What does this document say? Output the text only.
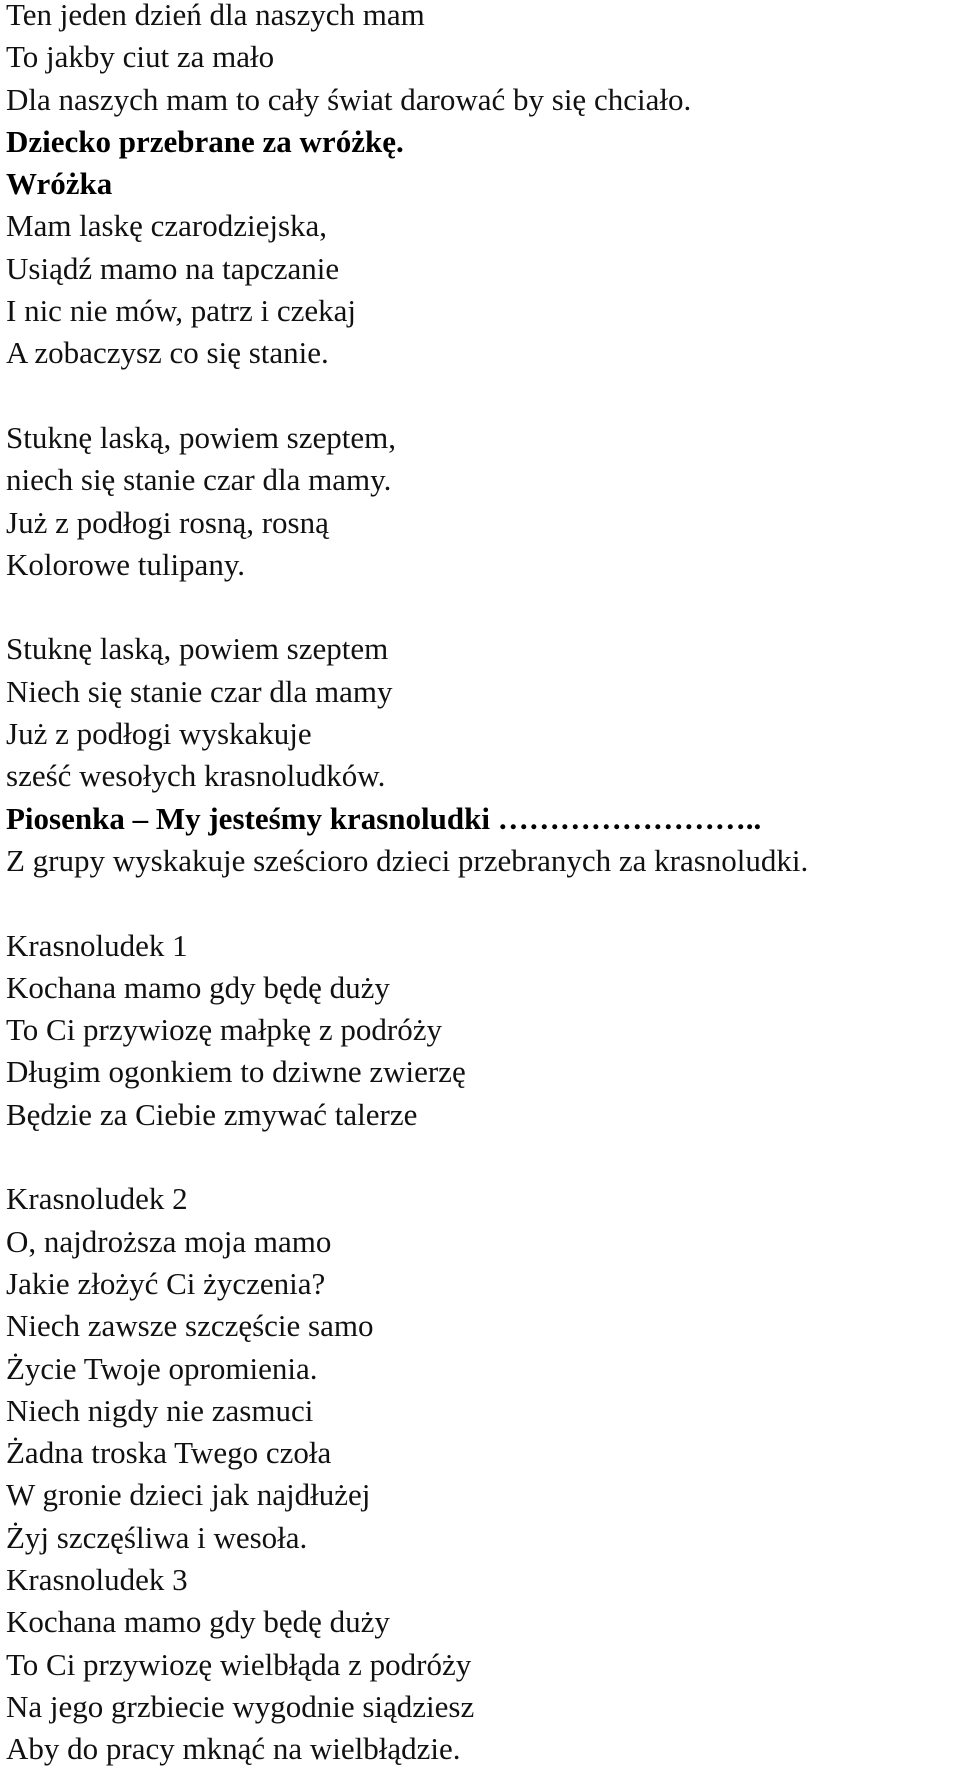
Ten jeden dzień dla naszych mam
To jakby ciut za mało
Dla naszych mam to cały świat darować by się chciało.
Dziecko przebrane za wróżkę.
Wróżka
Mam laskę czarodziejska,
Usiądź mamo na tapczanie
I nic nie mów, patrz i czekaj
A zobaczysz co się stanie.
Stuknę laską, powiem szeptem,
niech się stanie czar dla mamy.
Już z podłogi rosną, rosną
Kolorowe tulipany.
Stuknę laską, powiem szeptem
Niech się stanie czar dla mamy
Już z podłogi wyskakuje
sześć wesołych krasnoludków.
Piosenka – My jesteśmy krasnoludki ……………………..
Z grupy wyskakuje sześcioro dzieci przebranych za krasnoludki.
Krasnoludek 1
Kochana mamo gdy będę duży
To Ci przywiozę małpkę z podróży
Długim ogonkiem to dziwne zwierzę
Będzie za Ciebie zmywać talerze
Krasnoludek 2
O, najdroższa moja mamo
Jakie złożyć Ci życzenia?
Niech zawsze szczęście samo
Życie Twoje opromienia.
Niech nigdy nie zasmuci
Żadna troska Twego czoła
W gronie dzieci jak najdłużej
Żyj szczęśliwa i wesoła.
Krasnoludek 3
Kochana mamo gdy będę duży
To Ci przywiozę wielbłąda z podróży
Na jego grzbiecie wygodnie siądziesz
Aby do pracy mknąć na wielbłądzie.
